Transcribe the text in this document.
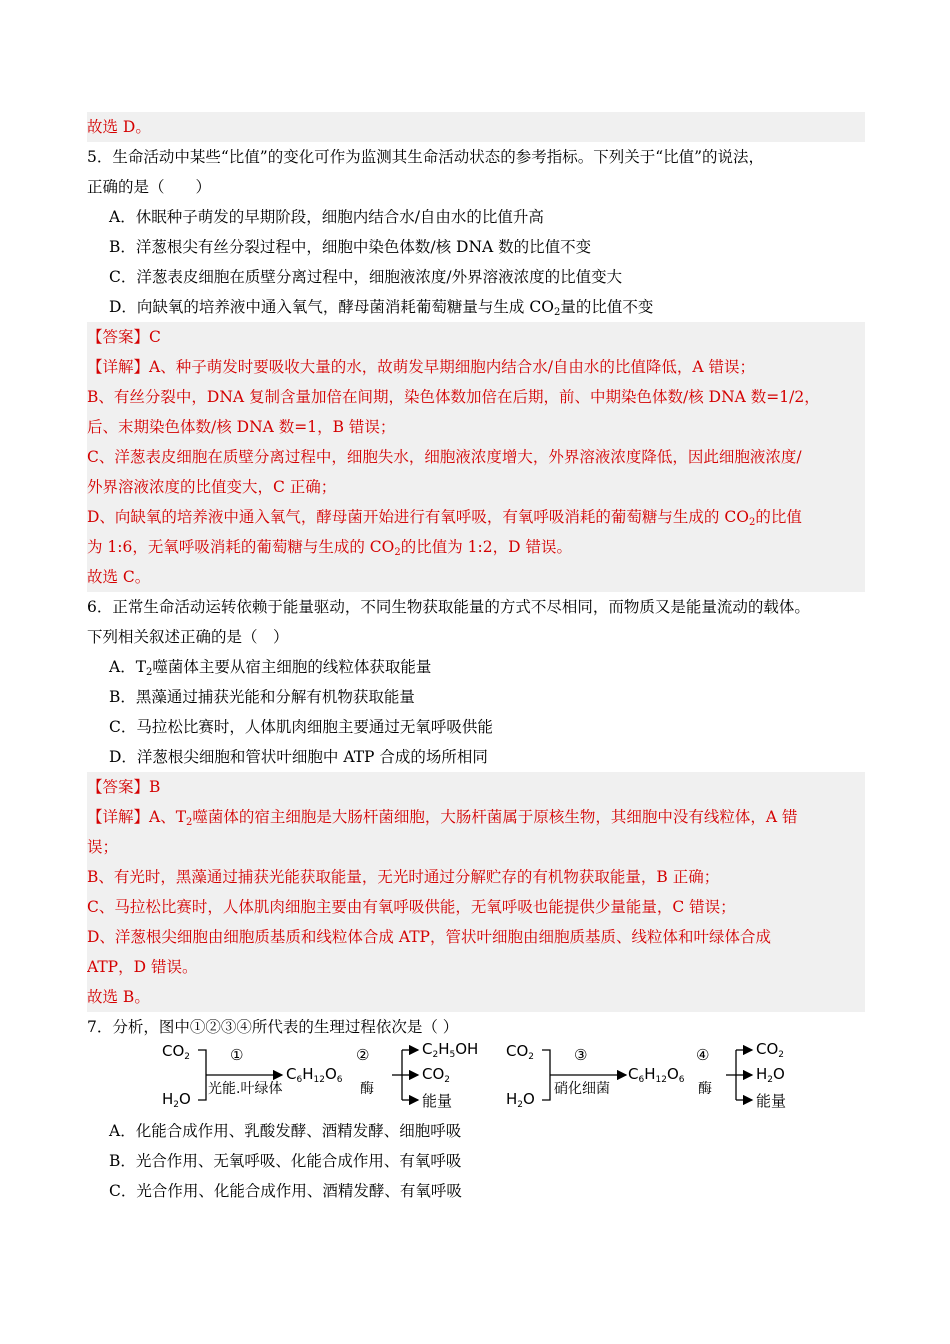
故选 D。
5．生命活动中某些“比值”的变化可作为监测其生命活动状态的参考指标。下列关于“比值”的说法，
正确的是（　　）
A．休眠种子萌发的早期阶段，细胞内结合水/自由水的比值升高
B．洋葱根尖有丝分裂过程中，细胞中染色体数/核 DNA 数的比值不变
C．洋葱表皮细胞在质壁分离过程中，细胞液浓度/外界溶液浓度的比值变大
D．向缺氧的培养液中通入氧气，酵母菌消耗葡萄糖量与生成 $CO_2$量的比值不变
【答案】C
【详解】A、种子萌发时要吸收大量的水，故萌发早期细胞内结合水/自由水的比值降低，A 错误；
B、有丝分裂中，DNA 复制含量加倍在间期，染色体数加倍在后期，前、中期染色体数/核 DNA 数=1/2，
后、末期染色体数/核 DNA 数=1，B 错误；
C、洋葱表皮细胞在质壁分离过程中，细胞失水，细胞液浓度增大，外界溶液浓度降低，因此细胞液浓度/
外界溶液浓度的比值变大，C 正确；
D、向缺氧的培养液中通入氧气，酵母菌开始进行有氧呼吸，有氧呼吸消耗的葡萄糖与生成的 $CO_2$的比值
为 1:6，无氧呼吸消耗的葡萄糖与生成的 $CO_2$的比值为 1:2，D 错误。
故选 C。
6．正常生命活动运转依赖于能量驱动，不同生物获取能量的方式不尽相同，而物质又是能量流动的载体。
下列相关叙述正确的是（　）
A．$T_2$噬菌体主要从宿主细胞的线粒体获取能量
B．黑藻通过捕获光能和分解有机物获取能量
C．马拉松比赛时，人体肌肉细胞主要通过无氧呼吸供能
D．洋葱根尖细胞和管状叶细胞中 ATP 合成的场所相同
【答案】B
【详解】A、$T_2$噬菌体的宿主细胞是大肠杆菌细胞，大肠杆菌属于原核生物，其细胞中没有线粒体，A 错
误；
B、有光时，黑藻通过捕获光能获取能量，无光时通过分解贮存的有机物获取能量，B 正确；
C、马拉松比赛时，人体肌肉细胞主要由有氧呼吸供能，无氧呼吸也能提供少量能量，C 错误；
D、洋葱根尖细胞由细胞质基质和线粒体合成 ATP，管状叶细胞由细胞质基质、线粒体和叶绿体合成
ATP，D 错误。
故选 B。
7．分析，图中①②③④所代表的生理过程依次是（ ）
$CO_2$
$H_2O$
①
光能.叶绿体
$C_6H_{12}O_6$
②
酶
$C_2H_5OH$
$CO_2$
能量
$CO_2$
$H_2O$
③
硝化细菌
$C_6H_{12}O_6$
④
酶
$CO_2$
$H_2O$
能量
A．化能合成作用、乳酸发酵、酒精发酵、细胞呼吸
B．光合作用、无氧呼吸、化能合成作用、有氧呼吸
C．光合作用、化能合成作用、酒精发酵、有氧呼吸
